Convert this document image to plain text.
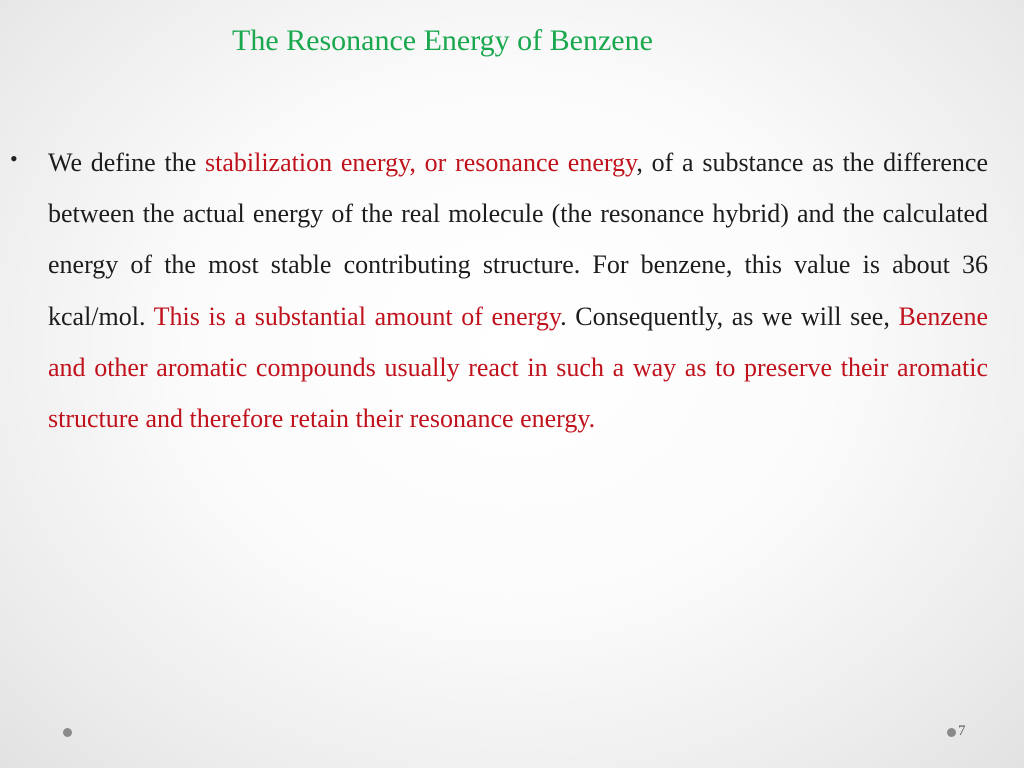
The Resonance Energy of Benzene
• We define the stabilization energy, or resonance energy, of a substance as the difference between the actual energy of the real molecule (the resonance hybrid) and the calculated energy of the most stable contributing structure. For benzene, this value is about 36 kcal/mol. This is a substantial amount of energy. Consequently, as we will see, Benzene and other aromatic compounds usually react in such a way as to preserve their aromatic structure and therefore retain their resonance energy.
7
